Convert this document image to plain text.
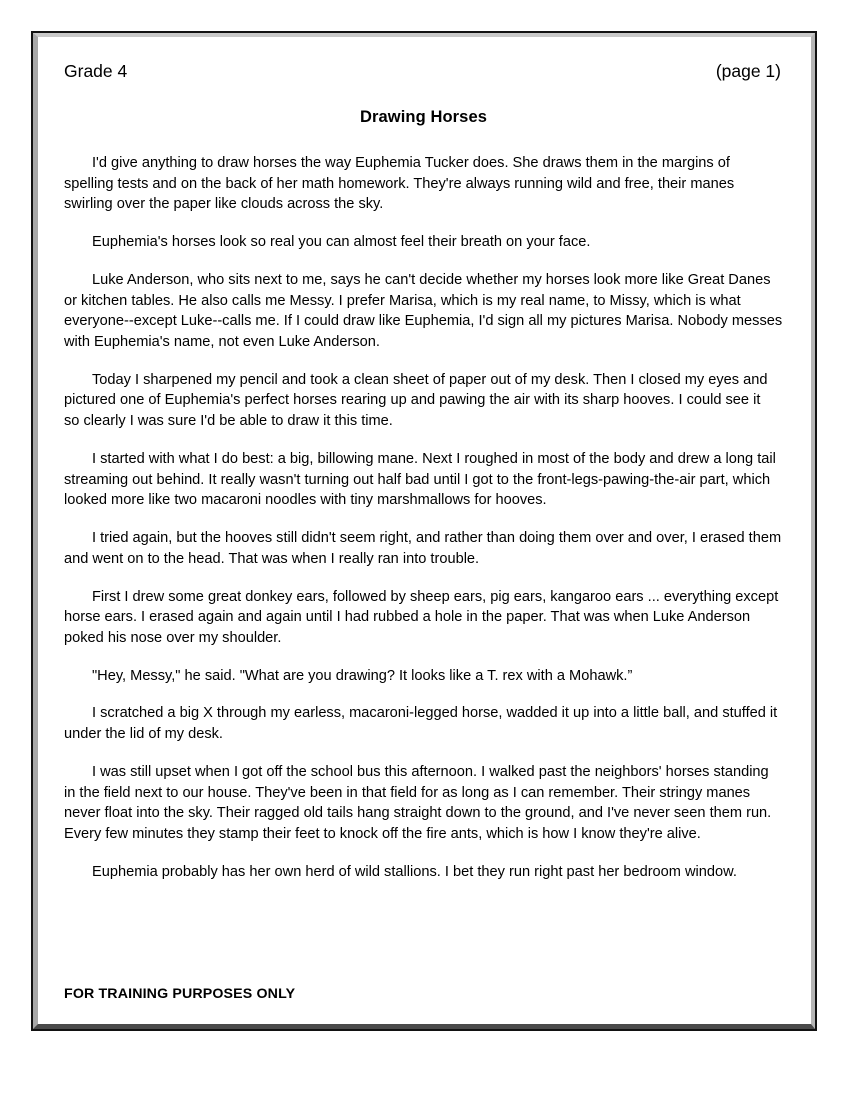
Grade 4	(page 1)
Drawing Horses

I'd give anything to draw horses the way Euphemia Tucker does. She draws them in the margins of spelling tests and on the back of her math homework. They're always running wild and free, their manes swirling over the paper like clouds across the sky.

Euphemia's horses look so real you can almost feel their breath on your face.

Luke Anderson, who sits next to me, says he can't decide whether my horses look more like Great Danes or kitchen tables. He also calls me Messy. I prefer Marisa, which is my real name, to Missy, which is what everyone--except Luke--calls me. If I could draw like Euphemia, I'd sign all my pictures Marisa. Nobody messes with Euphemia's name, not even Luke Anderson.

Today I sharpened my pencil and took a clean sheet of paper out of my desk. Then I closed my eyes and pictured one of Euphemia's perfect horses rearing up and pawing the air with its sharp hooves. I could see it  so clearly I was sure I'd be able to draw it this time.

I started with what I do best: a big, billowing mane. Next I roughed in most of the body and drew a long tail streaming out behind. It really wasn't turning out half bad until I got to the front-legs-pawing-the-air part, which looked more like two macaroni noodles with tiny marshmallows for hooves.

I tried again, but the hooves still didn't seem right, and rather than doing them over and over, I erased them and went on to the head. That was when I really ran into trouble.

First I drew some great donkey ears, followed by sheep ears, pig ears, kangaroo ears ... everything except horse ears. I erased again and again until I had rubbed a hole in the paper. That was when Luke Anderson poked his nose over my shoulder.

"Hey, Messy," he said. "What are you drawing? It looks like a T. rex with a Mohawk.”

I scratched a big X through my earless, macaroni-legged horse, wadded it up into a little ball, and stuffed it under the lid of my desk.

I was still upset when I got off the school bus this afternoon. I walked past the neighbors' horses standing in the field next to our house. They've been in that field for as long as I can remember. Their stringy manes never float into the sky. Their ragged old tails hang straight down to the ground, and I've never seen them run. Every few minutes they stamp their feet to knock off the fire ants, which is how I know they're alive.

Euphemia probably has her own herd of wild stallions. I bet they run right past her bedroom window.

FOR TRAINING PURPOSES ONLY
